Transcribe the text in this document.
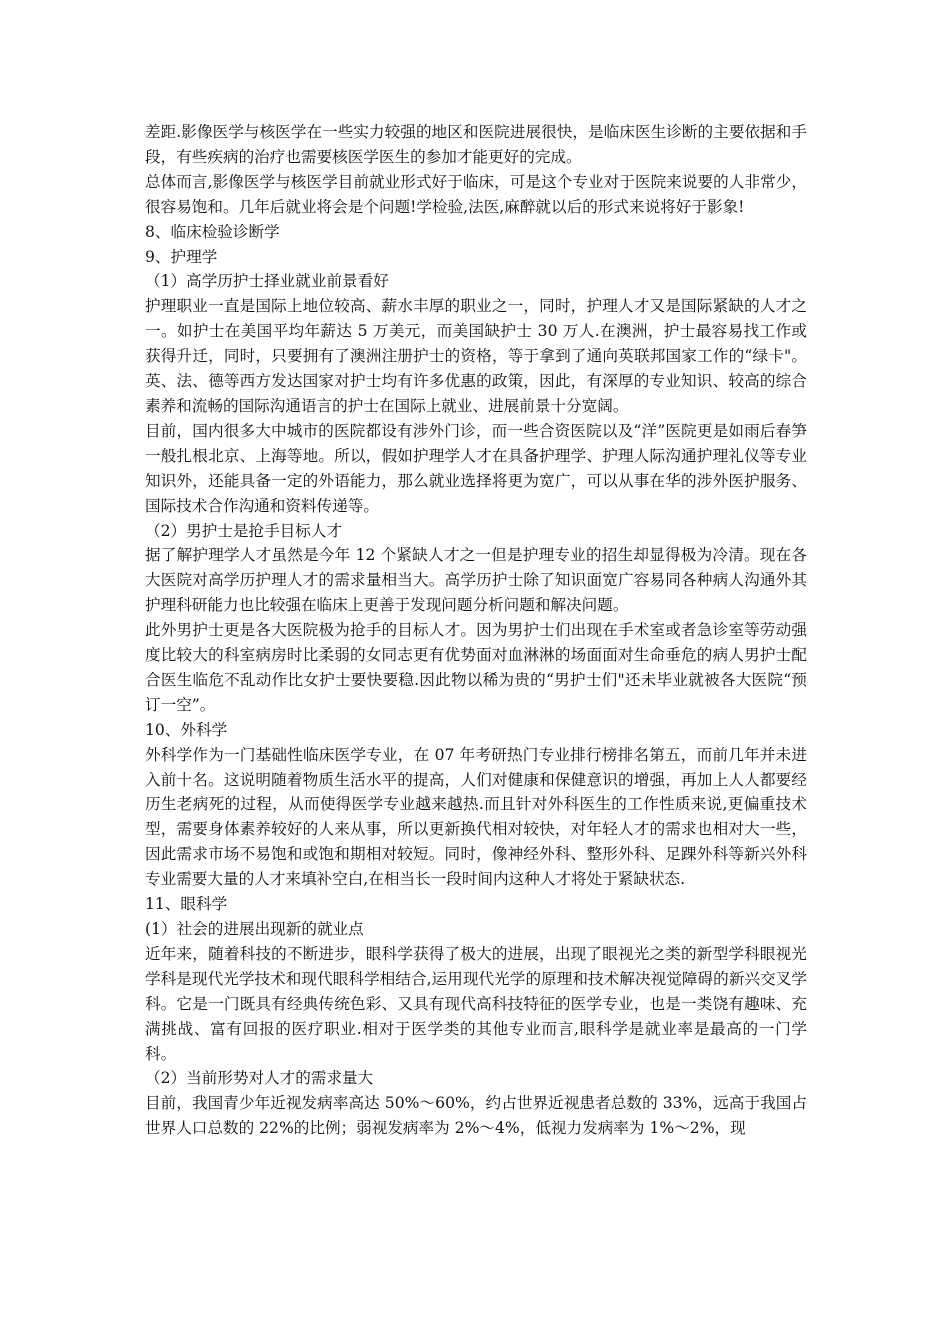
差距.影像医学与核医学在一些实力较强的地区和医院进展很快，是临床医生诊断的主要依据和手段，有些疾病的治疗也需要核医学医生的参加才能更好的完成。

总体而言,影像医学与核医学目前就业形式好于临床，可是这个专业对于医院来说要的人非常少，很容易饱和。几年后就业将会是个问题!学检验,法医,麻醉就以后的形式来说将好于影象!

8、临床检验诊断学

9、护理学

（1）高学历护士择业就业前景看好

护理职业一直是国际上地位较高、薪水丰厚的职业之一，同时，护理人才又是国际紧缺的人才之一。如护士在美国平均年薪达 5 万美元，而美国缺护士 30 万人.在澳洲，护士最容易找工作或获得升迁，同时，只要拥有了澳洲注册护士的资格，等于拿到了通向英联邦国家工作的“绿卡"。英、法、德等西方发达国家对护士均有许多优惠的政策，因此，有深厚的专业知识、较高的综合素养和流畅的国际沟通语言的护士在国际上就业、进展前景十分宽阔。

目前，国内很多大中城市的医院都设有涉外门诊，而一些合资医院以及“洋”医院更是如雨后春笋一般扎根北京、上海等地。所以，假如护理学人才在具备护理学、护理人际沟通护理礼仪等专业知识外，还能具备一定的外语能力，那么就业选择将更为宽广，可以从事在华的涉外医护服务、国际技术合作沟通和资料传递等。

（2）男护士是抢手目标人才

据了解护理学人才虽然是今年 12 个紧缺人才之一但是护理专业的招生却显得极为冷清。现在各大医院对高学历护理人才的需求量相当大。高学历护士除了知识面宽广容易同各种病人沟通外其护理科研能力也比较强在临床上更善于发现问题分析问题和解决问题。

此外男护士更是各大医院极为抢手的目标人才。因为男护士们出现在手术室或者急诊室等劳动强度比较大的科室病房时比柔弱的女同志更有优势面对血淋淋的场面面对生命垂危的病人男护士配合医生临危不乱动作比女护士要快要稳.因此物以稀为贵的“男护士们"还未毕业就被各大医院“预订一空”。

10、外科学

外科学作为一门基础性临床医学专业，在 07 年考研热门专业排行榜排名第五，而前几年并未进入前十名。这说明随着物质生活水平的提高，人们对健康和保健意识的增强，再加上人人都要经历生老病死的过程，从而使得医学专业越来越热.而且针对外科医生的工作性质来说,更偏重技术型，需要身体素养较好的人来从事，所以更新换代相对较快，对年轻人才的需求也相对大一些，因此需求市场不易饱和或饱和期相对较短。同时，像神经外科、整形外科、足踝外科等新兴外科专业需要大量的人才来填补空白,在相当长一段时间内这种人才将处于紧缺状态.

11、眼科学

(1）社会的进展出现新的就业点

近年来，随着科技的不断进步，眼科学获得了极大的进展，出现了眼视光之类的新型学科眼视光学科是现代光学技术和现代眼科学相结合,运用现代光学的原理和技术解决视觉障碍的新兴交叉学科。它是一门既具有经典传统色彩、又具有现代高科技特征的医学专业，也是一类饶有趣味、充满挑战、富有回报的医疗职业.相对于医学类的其他专业而言,眼科学是就业率是最高的一门学科。

（2）当前形势对人才的需求量大

目前，我国青少年近视发病率高达 50%～60%，约占世界近视患者总数的 33%，远高于我国占世界人口总数的 22%的比例；弱视发病率为 2%～4%，低视力发病率为 1%～2%，现
